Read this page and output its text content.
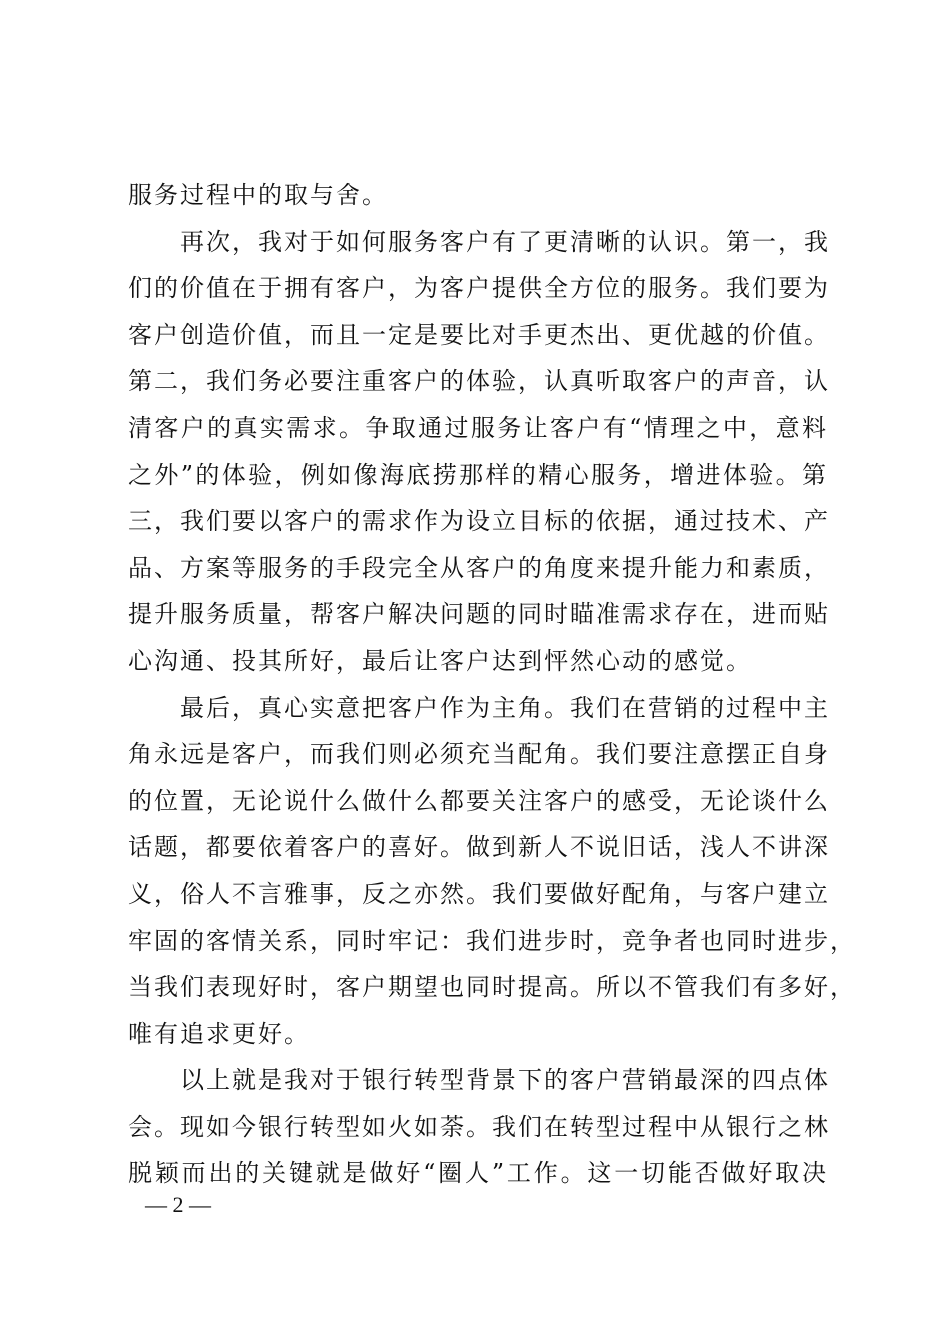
服务过程中的取与舍。
再次，我对于如何服务客户有了更清晰的认识。第一，我
们的价值在于拥有客户，为客户提供全方位的服务。我们要为
客户创造价值，而且一定是要比对手更杰出、更优越的价值。
第二，我们务必要注重客户的体验，认真听取客户的声音，认
清客户的真实需求。争取通过服务让客户有“情理之中，意料
之外”的体验，例如像海底捞那样的精心服务，增进体验。第
三，我们要以客户的需求作为设立目标的依据，通过技术、产
品、方案等服务的手段完全从客户的角度来提升能力和素质，
提升服务质量，帮客户解决问题的同时瞄准需求存在，进而贴
心沟通、投其所好，最后让客户达到怦然心动的感觉。
最后，真心实意把客户作为主角。我们在营销的过程中主
角永远是客户，而我们则必须充当配角。我们要注意摆正自身
的位置，无论说什么做什么都要关注客户的感受，无论谈什么
话题，都要依着客户的喜好。做到新人不说旧话，浅人不讲深
义，俗人不言雅事，反之亦然。我们要做好配角，与客户建立
牢固的客情关系，同时牢记：我们进步时，竞争者也同时进步，
当我们表现好时，客户期望也同时提高。所以不管我们有多好，
唯有追求更好。
以上就是我对于银行转型背景下的客户营销最深的四点体
会。现如今银行转型如火如荼。我们在转型过程中从银行之林
脱颖而出的关键就是做好“圈人”工作。这一切能否做好取决
— 2 —
